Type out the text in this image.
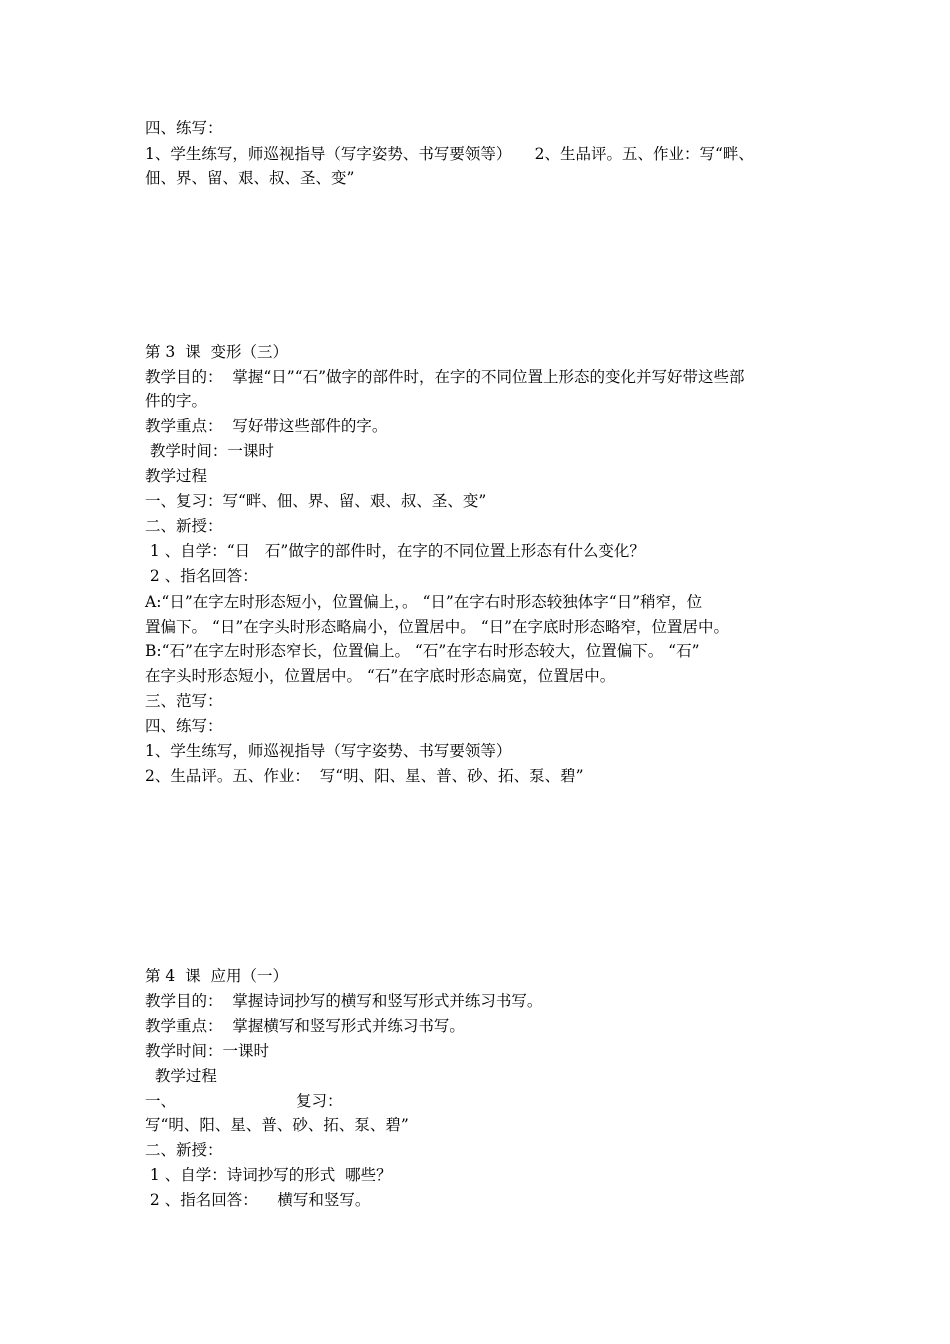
四、练写：

1、学生练写，师巡视指导（写字姿势、书写要领等）　　2、生品评。五、作业：写“畔、

佃、界、留、艰、叔、圣、变”

第 3  课  变形（三）

教学目的：  掌握“日”“石”做字的部件时，在字的不同位置上形态的变化并写好带这些部

件的字。

教学重点：  写好带这些部件的字。

教学时间：一课时

教学过程

一、复习：写“畔、佃、界、留、艰、叔、圣、变”

二、新授：

1 、自学：“日   石”做字的部件时，在字的不同位置上形态有什么变化？

2 、指名回答：

A:“日”在字左时形态短小，位置偏上，。 “日”在字右时形态较独体字“日”稍窄，位

置偏下。 “日”在字头时形态略扁小，位置居中。 “日”在字底时形态略窄，位置居中。

B:“石”在字左时形态窄长，位置偏上。 “石”在字右时形态较大，位置偏下。 “石”

在字头时形态短小，位置居中。 “石”在字底时形态扁宽，位置居中。

三、范写：

四、练写：

1、学生练写，师巡视指导（写字姿势、书写要领等）

2、生品评。五、作业：  写“明、阳、星、普、砂、拓、泵、碧”

第 4  课  应用（一）

教学目的：  掌握诗词抄写的横写和竖写形式并练习书写。

教学重点：  掌握横写和竖写形式并练习书写。

教学时间：一课时

教学过程

一、	复习：

写“明、阳、星、普、砂、拓、泵、碧”

二、新授：

1 、自学：诗词抄写的形式  哪些？

2 、指名回答：    横写和竖写。
